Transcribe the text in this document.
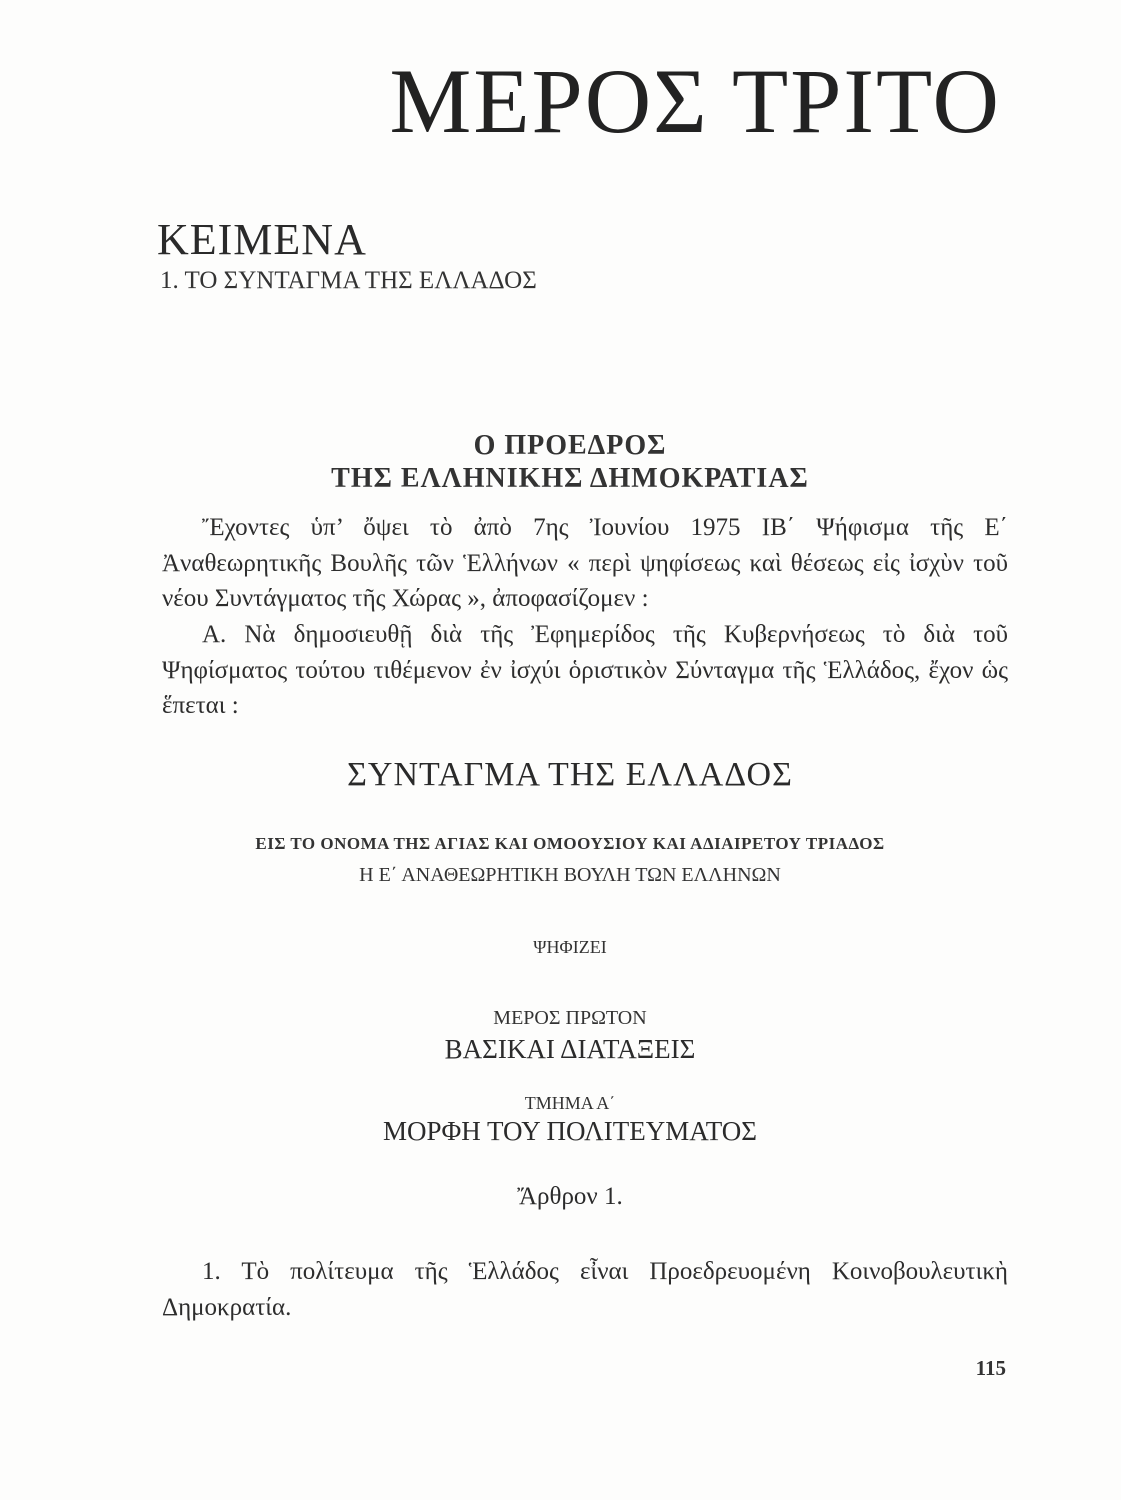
ΜΕΡΟΣ ΤΡΙΤΟ
ΚΕΙΜΕΝΑ
1. ΤΟ ΣΥΝΤΑΓΜΑ ΤΗΣ ΕΛΛΑΔΟΣ

Ο ΠΡΟΕΔΡΟΣ

ΤΗΣ ΕΛΛΗΝΙΚΗΣ ΔΗΜΟΚΡΑΤΙΑΣ

Ἔχοντες ὑπ’ ὄψει τὸ ἀπὸ 7ης Ἰουνίου 1975 ΙΒ΄ Ψήφισμα τῆς Ε΄ Ἀναθεωρητικῆς Βουλῆς τῶν Ἑλλήνων « περὶ ψηφίσεως καὶ θέσεως εἰς ἰσχὺν τοῦ νέου Συντάγματος τῆς Χώρας », ἀποφασίζομεν :

Α. Νὰ δημοσιευθῇ διὰ τῆς Ἐφημερίδος τῆς Κυβερνήσεως τὸ διὰ τοῦ Ψηφίσματος τούτου τιθέμενον ἐν ἰσχύι ὁριστικὸν Σύνταγμα τῆς Ἑλλάδος, ἔχον ὡς ἕπεται :

ΣΥΝΤΑΓΜΑ ΤΗΣ ΕΛΛΑΔΟΣ

ΕΙΣ ΤΟ ΟΝΟΜΑ ΤΗΣ ΑΓΙΑΣ ΚΑΙ ΟΜΟΟΥΣΙΟΥ ΚΑΙ ΑΔΙΑΙΡΕΤΟΥ ΤΡΙΑΔΟΣ

Η Ε΄ ΑΝΑΘΕΩΡΗΤΙΚΗ ΒΟΥΛΗ ΤΩΝ ΕΛΛΗΝΩΝ

ΨΗΦΙΖΕΙ

ΜΕΡΟΣ ΠΡΩΤΟΝ

ΒΑΣΙΚΑΙ ΔΙΑΤΑΞΕΙΣ

ΤΜΗΜΑ Α΄

ΜΟΡΦΗ ΤΟΥ ΠΟΛΙΤΕΥΜΑΤΟΣ

Ἄρθρον 1.

1. Τὸ πολίτευμα τῆς Ἑλλάδος εἶναι Προεδρευομένη Κοινοβουλευτικὴ Δημοκρατία.

115
